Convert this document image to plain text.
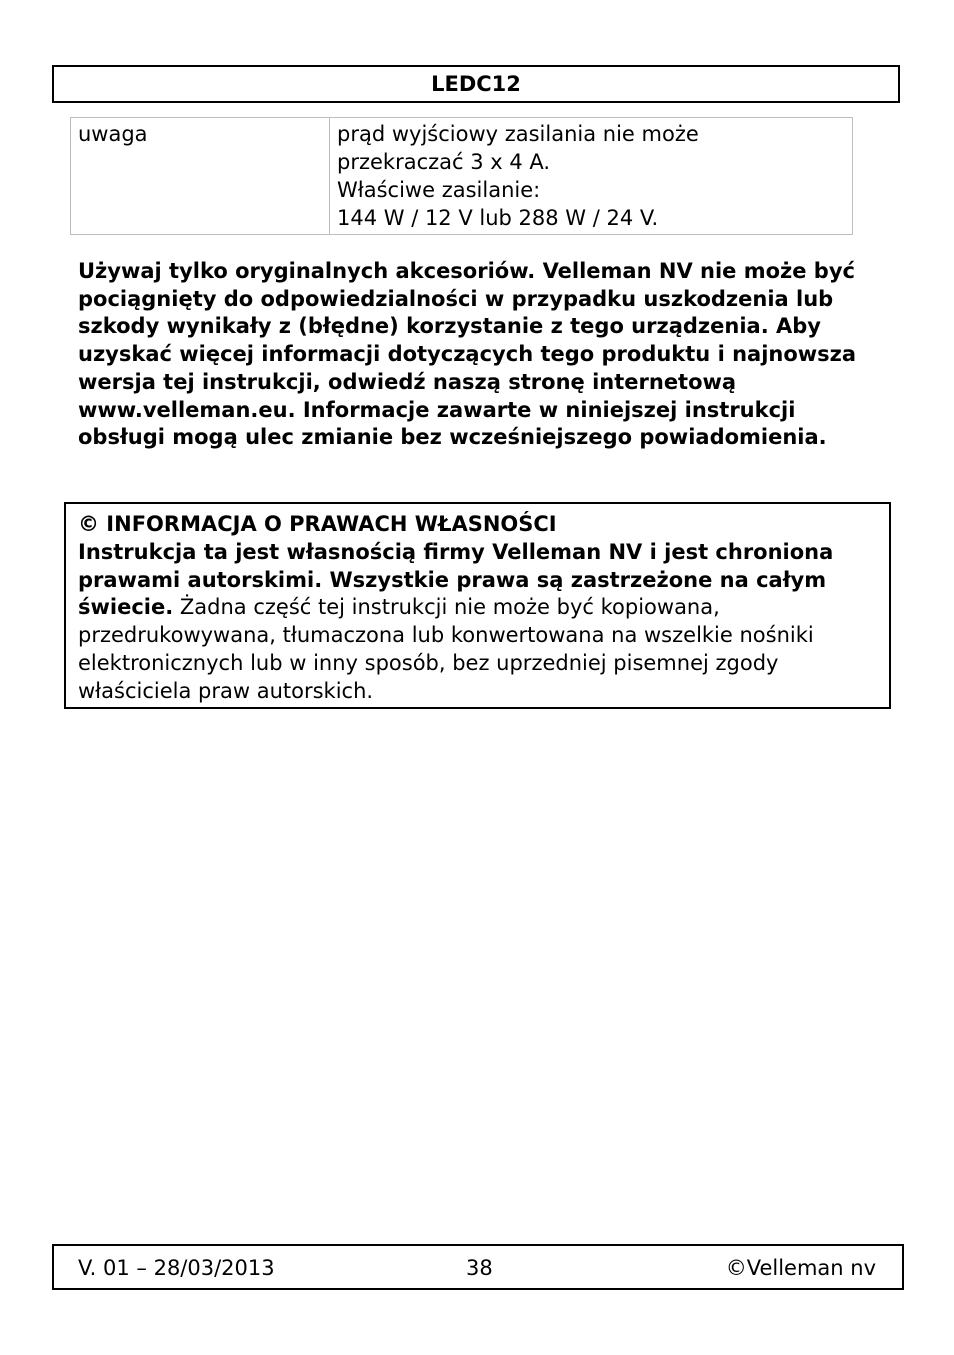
LEDC12
uwaga	prąd wyjściowy zasilania nie może
przekraczać 3 x 4 A.
Właściwe zasilanie:
144 W / 12 V lub 288 W / 24 V.

Używaj tylko oryginalnych akcesoriów. Velleman NV nie może być pociągnięty do odpowiedzialności w przypadku uszkodzenia lub szkody wynikały z (błędne) korzystanie z tego urządzenia. Aby uzyskać więcej informacji dotyczących tego produktu i najnowsza wersja tej instrukcji, odwiedź naszą stronę internetową www.velleman.eu. Informacje zawarte w niniejszej instrukcji obsługi mogą ulec zmianie bez wcześniejszego powiadomienia.

© INFORMACJA O PRAWACH WŁASNOŚCI

Instrukcja ta jest własnością firmy Velleman NV i jest chroniona prawami autorskimi. Wszystkie prawa są zastrzeżone na całym świecie. Żadna część tej instrukcji nie może być kopiowana, przedrukowywana, tłumaczona lub konwertowana na wszelkie nośniki elektronicznych lub w inny sposób, bez uprzedniej pisemnej zgody właściciela praw autorskich.

V. 01 – 28/03/2013	38	©Velleman nv
